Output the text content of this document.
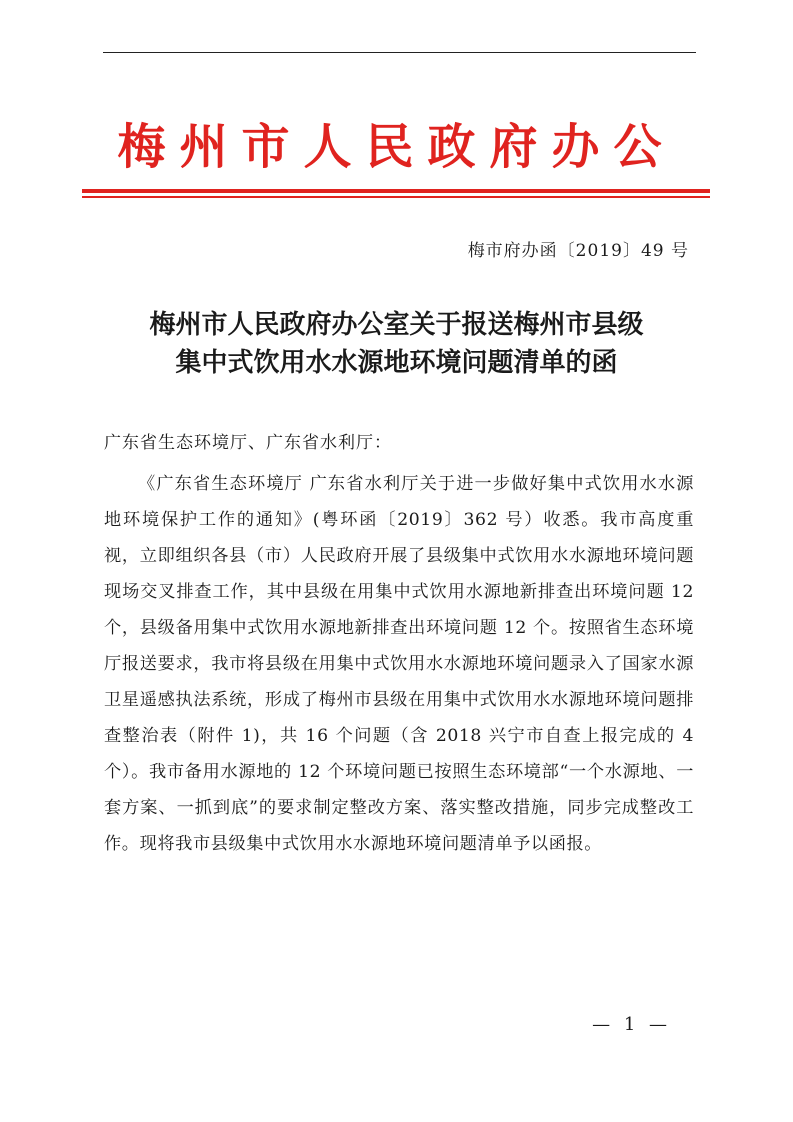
梅州市人民政府办公
梅市府办函〔2019〕49 号
梅州市人民政府办公室关于报送梅州市县级
集中式饮用水水源地环境问题清单的函
广东省生态环境厅、广东省水利厅：
《广东省生态环境厅 广东省水利厅关于进一步做好集中式饮用水水源地环境保护工作的通知》(粤环函〔2019〕362 号）收悉。我市高度重视，立即组织各县（市）人民政府开展了县级集中式饮用水水源地环境问题现场交叉排查工作，其中县级在用集中式饮用水源地新排查出环境问题 12 个，县级备用集中式饮用水源地新排查出环境问题 12 个。按照省生态环境厅报送要求，我市将县级在用集中式饮用水水源地环境问题录入了国家水源卫星遥感执法系统，形成了梅州市县级在用集中式饮用水水源地环境问题排查整治表（附件 1)，共 16 个问题（含 2018 兴宁市自查上报完成的 4 个）。我市备用水源地的 12 个环境问题已按照生态环境部“一个水源地、一套方案、一抓到底”的要求制定整改方案、落实整改措施，同步完成整改工作。现将我市县级集中式饮用水水源地环境问题清单予以函报。
— 1 —
